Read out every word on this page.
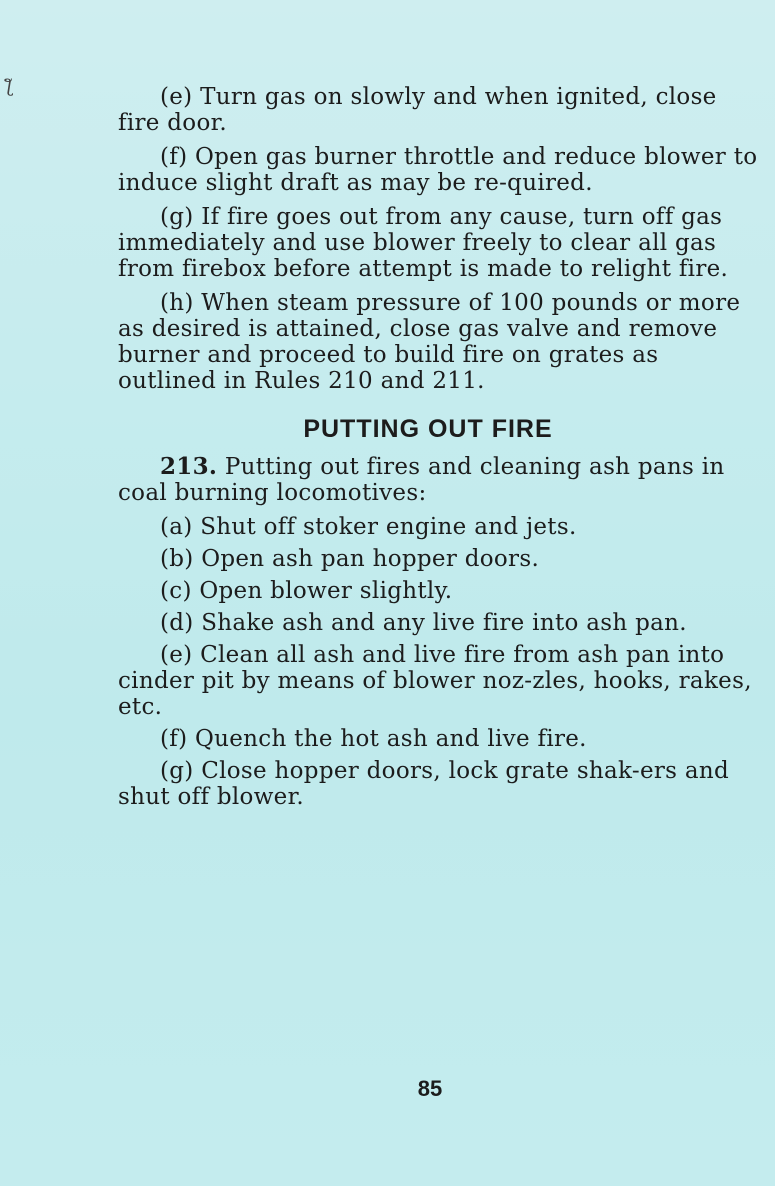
ƪ	(e) Turn gas on slowly and when ignited, close fire door.

(f) Open gas burner throttle and reduce blower to induce slight draft as may be re-quired.

(g) If fire goes out from any cause, turn off gas immediately and use blower freely to clear all gas from firebox before attempt is made to relight fire.

(h) When steam pressure of 100 pounds or more as desired is attained, close gas valve and remove burner and proceed to build fire on grates as outlined in Rules 210 and 211.

PUTTING OUT FIRE

213. Putting out fires and cleaning ash pans in coal burning locomotives:

(a) Shut off stoker engine and jets.

(b) Open ash pan hopper doors.

(c) Open blower slightly.

(d) Shake ash and any live fire into ash pan.

(e) Clean all ash and live fire from ash pan into cinder pit by means of blower noz-zles, hooks, rakes, etc.

(f) Quench the hot ash and live fire.

(g) Close hopper doors, lock grate shak-ers and shut off blower.

85
